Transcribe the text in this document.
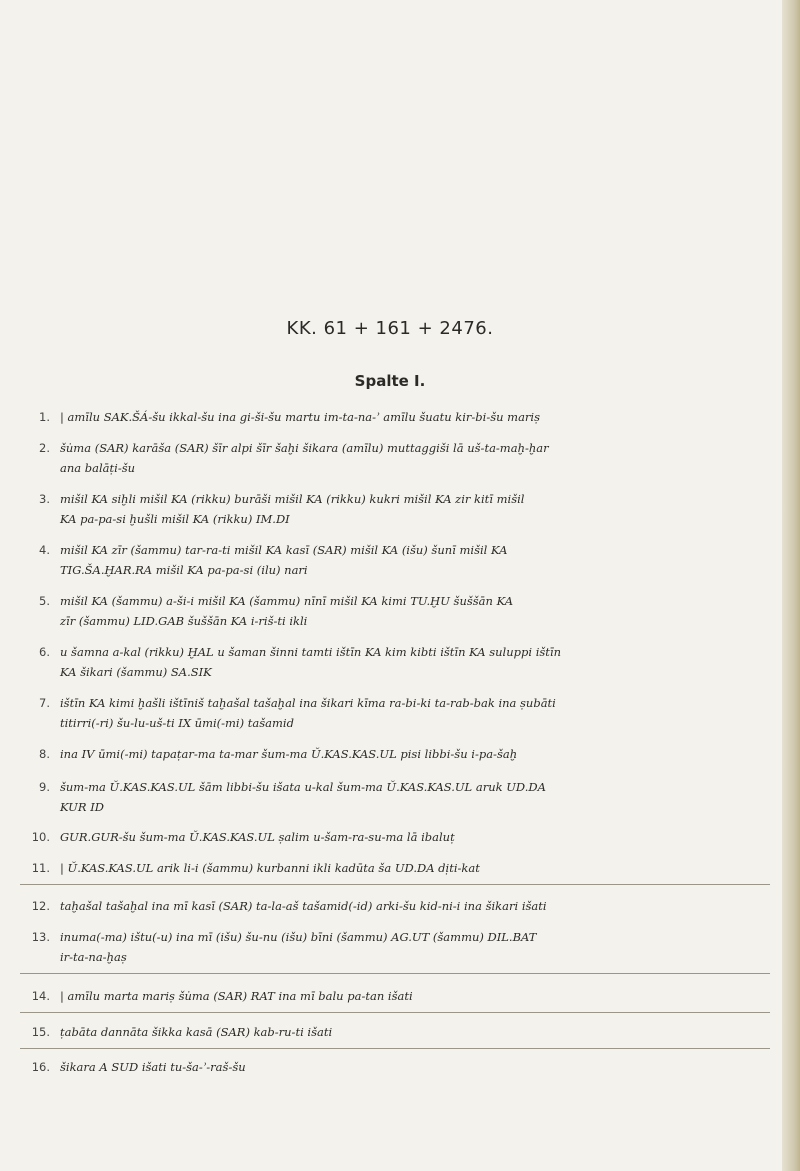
KK. 61 + 161 + 2476.
Spalte I.
1. | amīlu SAK.ŠÁ-šu ikkal-šu ina gi-ši-šu martu im-ta-na-ʾ amīlu šuatu kir-bi-šu mariṣ
2. šu̇ma (SAR) karāša (SAR) šīr alpi šīr šaḫi šikara (amīlu) muttaggiši lā uš-ta-maḫ-ḫar
ana balāṭi-šu
3. mišil KA siḫli mišil KA (rikku) burāši mišil KA (rikku) kukri mišil KA zir kitī mišil
KA pa-pa-si ḫušli mišil KA (rikku) IM.DI
4. mišil KA zīr (šammu) tar-ra-ti mišil KA kasī (SAR) mišil KA (išu) šunī mišil KA
TIG.ŠA.ḪAR.RA mišil KA pa-pa-si (ilu) nari
5. mišil KA (šammu) a-ši-i mišil KA (šammu) nīnī mišil KA kimi TU.ḪU šuššān KA
zīr (šammu) LID.GAB šuššān KA i-riš-ti ikli
6. u šamna a-kal (rikku) ḪAL u šaman šinni tamti ištīn KA kim kibti ištīn KA suluppi ištīn
KA šikari (šammu) SA.SIK
7. ištīn KA kimi ḫašli ištīniš taḫašal tašaḫal ina šikari kīma ra-bi-ki ta-rab-bak ina ṣubāti
titirri(-ri) šu-lu-uš-ti IX ūmi(-mi) tašamid
8. ina IV ūmi(-mi) tapaṭar-ma ta-mar šum-ma Ŭ.KAS.KAS.UL pisi libbi-šu i-pa-šaḫ
9. šum-ma Ŭ.KAS.KAS.UL šām libbi-šu išata u-kal šum-ma Ŭ.KAS.KAS.UL aruk UD.DA
KUR ID
10. GUR.GUR-šu šum-ma Ŭ.KAS.KAS.UL ṣalim u-šam-ra-su-ma lā ibaluṭ
11. | Ŭ.KAS.KAS.UL arik li-i (šammu) kurbanni ikli kadūta ša UD.DA dịti-kat
12. taḫašal tašaḫal ina mī kasī (SAR) ta-la-aš tašamid(-id) arki-šu kid-ni-i ina šikari išati
13. inuma(-ma) ištu(-u) ina mī (išu) šu-nu (išu) bīni (šammu) AG.UT (šammu) DIL.BAT
ir-ta-na-ḫaṣ
14. | amīlu marta mariṣ šu̇ma (SAR) RAT ina mī balu pa-tan išati
15. ṭabāta dannāta šikka kasā (SAR) kab-ru-ti išati
16. šikara A SUD išati tu-ša-ʾ-raš-šu
